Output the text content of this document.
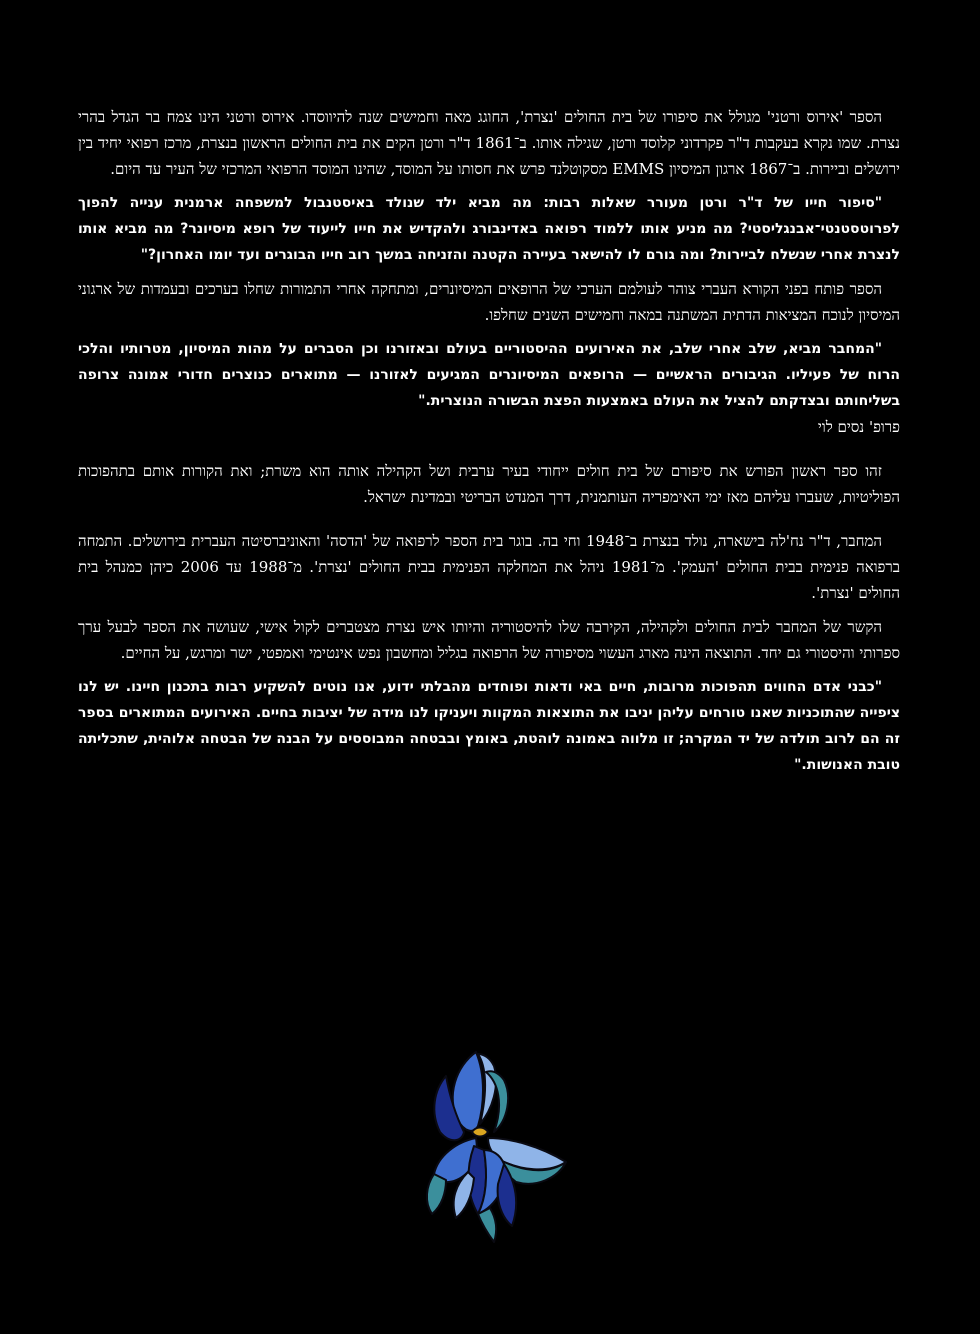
הספר 'אירוס ורטני' מגולל את סיפורו של בית החולים 'נצרת', החוגג מאה וחמישים שנה להיווסדו. אירוס ורטני הינו צמח בר הגדל בהרי נצרת. שמו נקרא בעקבות ד"ר פקרדוני קלוסד ורטן, שגילה אותו. ב־1861 ד"ר ורטן הקים את בית החולים הראשון בנצרת, מרכז רפואי יחיד בין ירושלים וביירות. ב־1867 ארגון המיסיון EMMS מסקוטלנד פרש את חסותו על המוסד, שהינו המוסד הרפואי המרכזי של העיר עד היום.

"סיפור חייו של ד"ר ורטן מעורר שאלות רבות: מה מביא ילד שנולד באיסטנבול למשפחה ארמנית ענייה להפוך לפרוטסטנטי־אבנגליסטי? מה מניע אותו ללמוד רפואה באדינבורג ולהקדיש את חייו לייעוד של רופא מיסיונר? מה מביא אותו לנצרת אחרי שנשלח לביירות? ומה גורם לו להישאר בעיירה הקטנה והזניחה במשך רוב חייו הבוגרים ועד יומו האחרון?"

הספר פותח בפני הקורא העברי צוהר לעולמם הערכי של הרופאים המיסיונרים, ומתחקה אחרי התמורות שחלו בערכים ובעמדות של ארגוני המיסיון לנוכח המציאות הדתית המשתנה במאה וחמישים השנים שחלפו.

"המחבר מביא, שלב אחרי שלב, את האירועים ההיסטוריים בעולם ובאזורנו וכן הסברים על מהות המיסיון, מטרותיו והלכי הרוח של פעיליו. הגיבורים הראשיים — הרופאים המיסיונרים המגיעים לאזורנו — מתוארים כנוצרים חדורי אמונה צרופה בשליחותם ובצדקתם להציל את העולם באמצעות הפצת הבשורה הנוצרית."

פרופ' נסים לוי

זהו ספר ראשון הפורש את סיפורם של בית חולים ייחודי בעיר ערבית ושל הקהילה אותה הוא משרת; ואת הקורות אותם בתהפוכות הפוליטיות, שעברו עליהם מאז ימי האימפריה העותמנית, דרך המנדט הבריטי ובמדינת ישראל.

המחבר, ד"ר נח'לה בישארה, נולד בנצרת ב־1948 וחי בה. בוגר בית הספר לרפואה של 'הדסה' והאוניברסיטה העברית בירושלים. התמחה ברפואה פנימית בבית החולים 'העמק'. מ־1981 ניהל את המחלקה הפנימית בבית החולים 'נצרת'. מ־1988 עד 2006 כיהן כמנהל בית החולים 'נצרת'.

הקשר של המחבר לבית החולים ולקהילה, הקירבה שלו להיסטוריה והיותו איש נצרת מצטברים לקול אישי, שעושה את הספר לבעל ערך ספרותי והיסטורי גם יחד. התוצאה הינה מארג העשוי מסיפורה של הרפואה בגליל ומחשבון נפש אינטימי ואמפטי, ישר ומרגש, על החיים.

"כבני אדם החווים תהפוכות מרובות, חיים באי ודאות ופוחדים מהבלתי ידוע, אנו נוטים להשקיע רבות בתכנון חיינו. יש לנו ציפייה שהתוכניות שאנו טורחים עליהן יניבו את התוצאות המקוות ויעניקו לנו מידה של יציבות בחיים. האירועים המתוארים בספר זה הם לרוב תולדה של יד המקרה; זו מלווה באמונה לוהטת, באומץ ובבטחה המבוססים על הבנה של הבטחה אלוהית, שתכליתה טובת האנושות."
